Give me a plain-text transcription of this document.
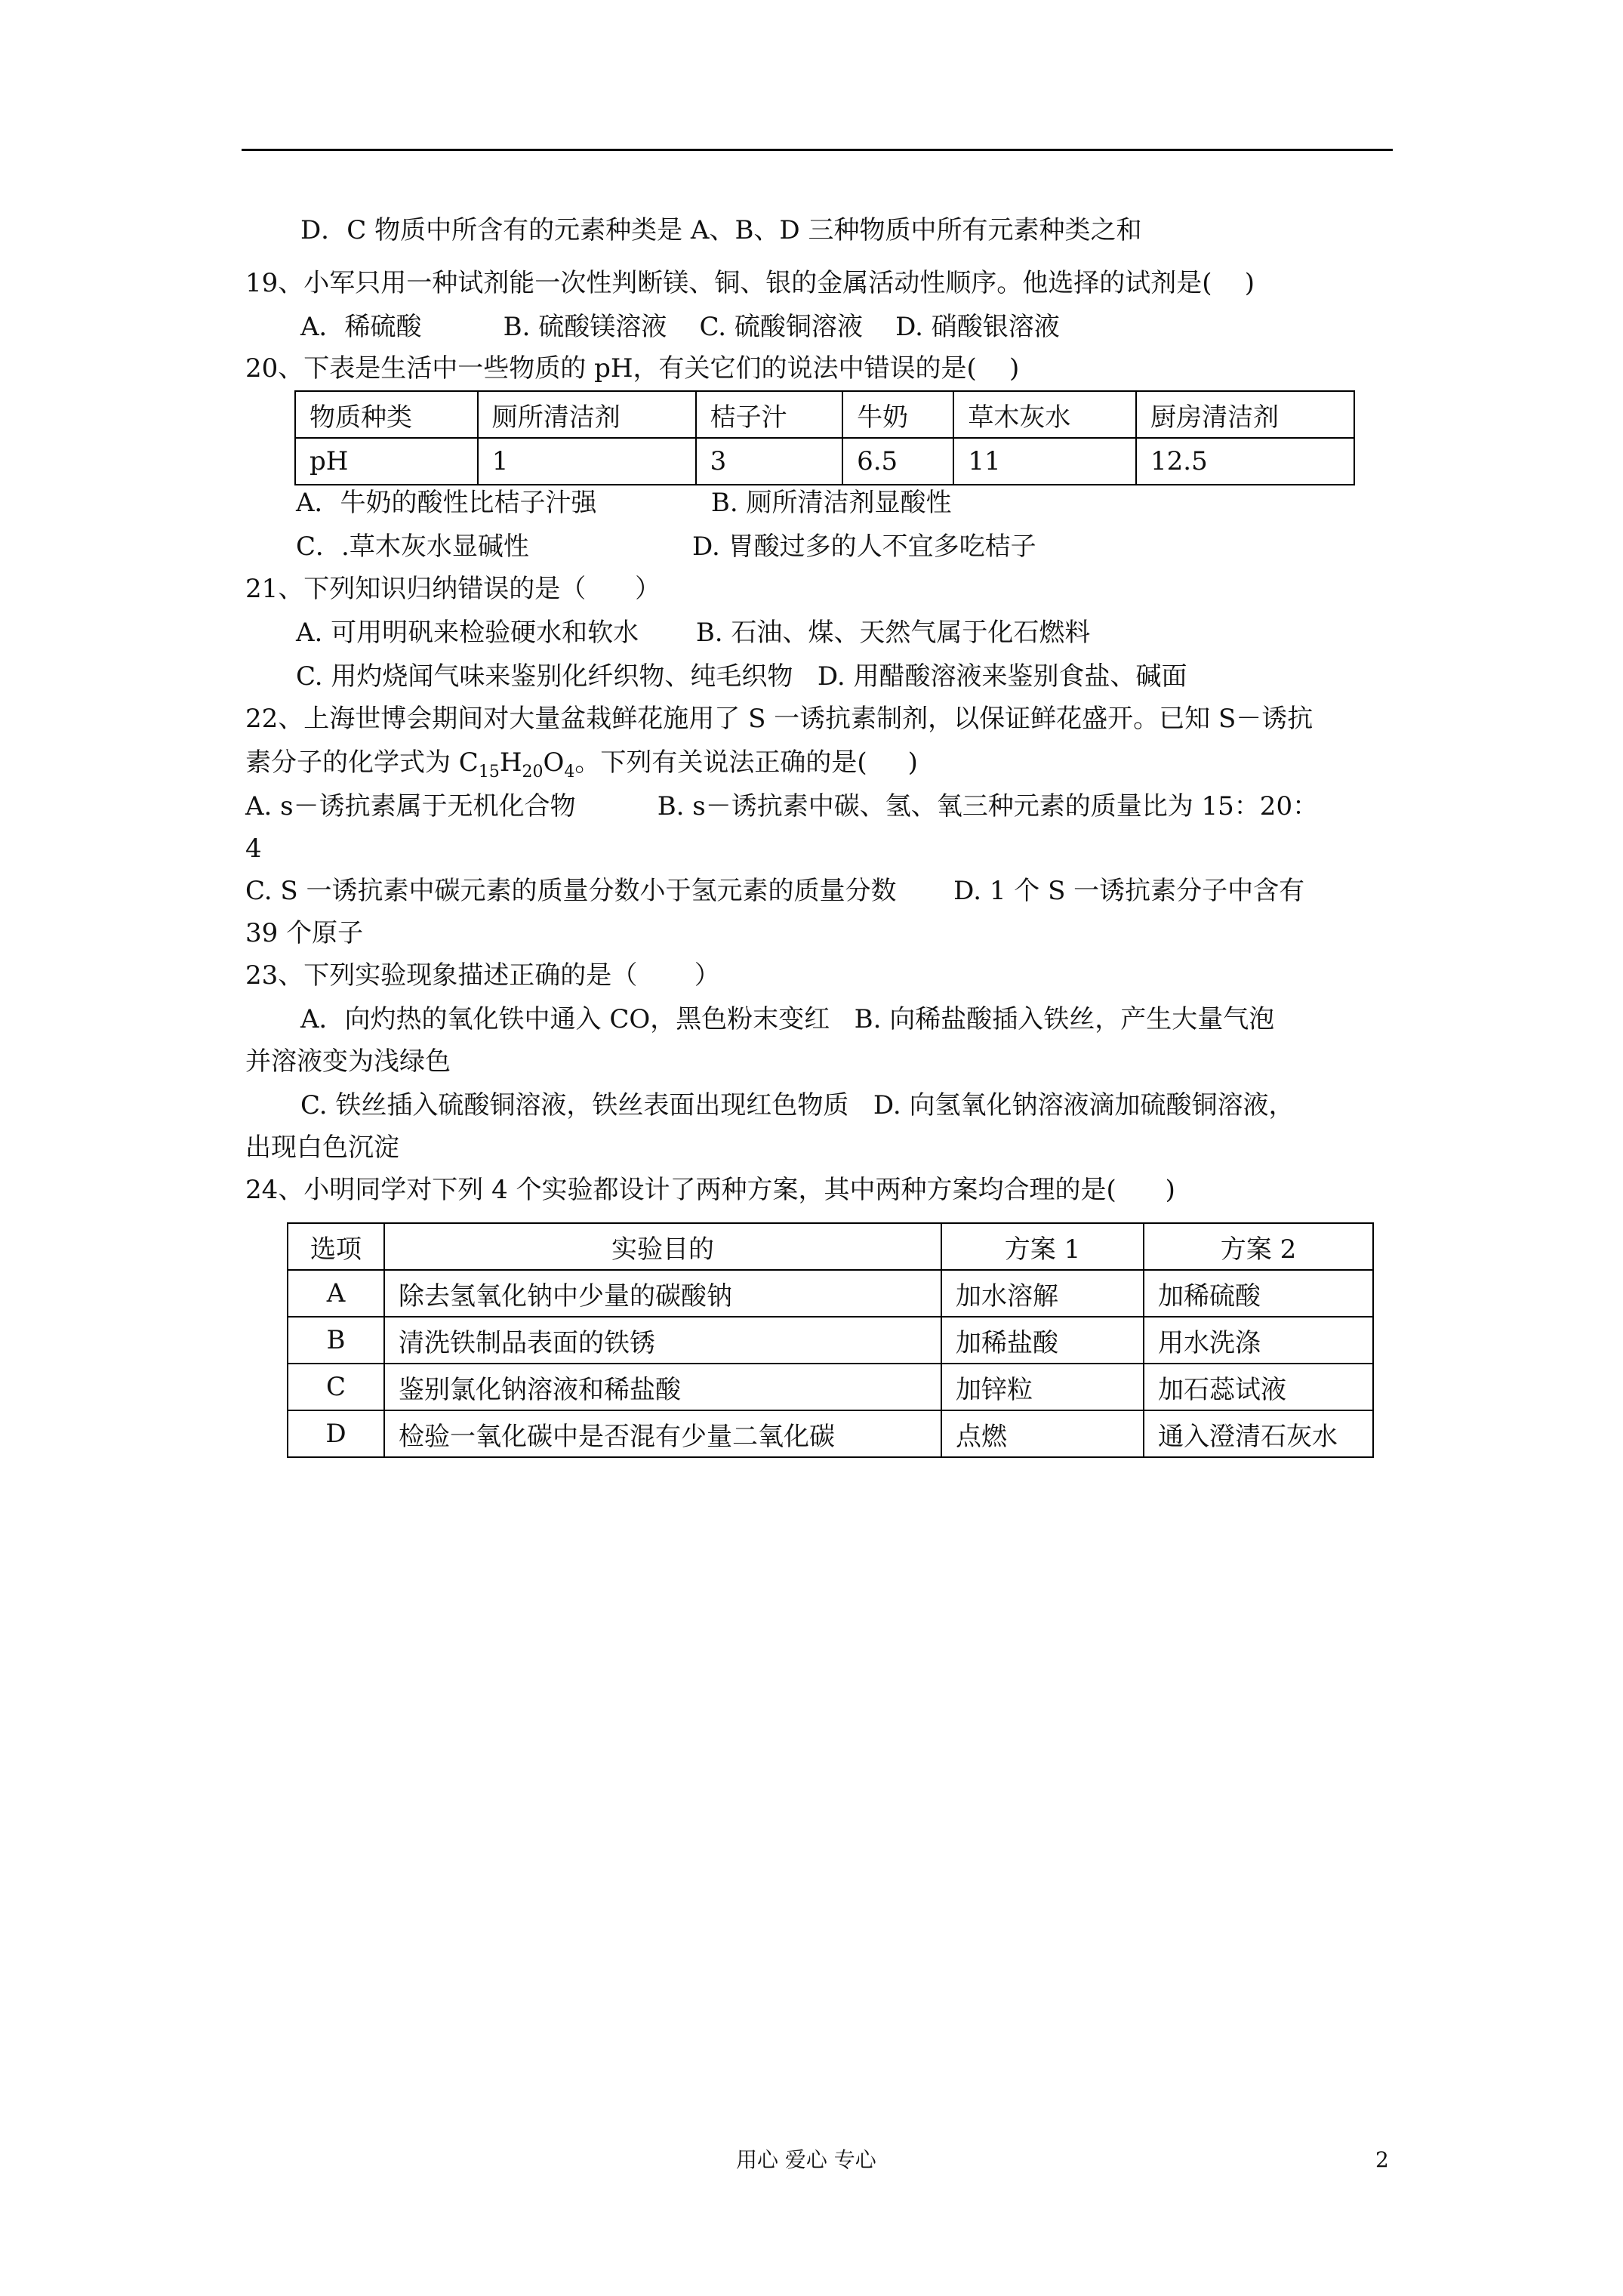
D．C 物质中所含有的元素种类是 A、B、D 三种物质中所有元素种类之和
19、小军只用一种试剂能一次性判断镁、铜、银的金属活动性顺序。他选择的试剂是(    )
A．稀硫酸          B. 硫酸镁溶液    C. 硫酸铜溶液    D. 硝酸银溶液
20、下表是生活中一些物质的 pH，有关它们的说法中错误的是(    )
物质种类	厕所清洁剂	桔子汁	牛奶	草木灰水	厨房清洁剂
pH	1	3	6.5	11	12.5
A．牛奶的酸性比桔子汁强              B. 厕所清洁剂显酸性
C．.草木灰水显碱性                    D. 胃酸过多的人不宜多吃桔子
21、下列知识归纳错误的是（      ）
A. 可用明矾来检验硬水和软水       B. 石油、煤、天然气属于化石燃料
C. 用灼烧闻气味来鉴别化纤织物、纯毛织物   D. 用醋酸溶液来鉴别食盐、碱面
22、上海世博会期间对大量盆栽鲜花施用了 S 一诱抗素制剂，以保证鲜花盛开。已知 S－诱抗
素分子的化学式为 $C_{15}H_{20}O_4$。下列有关说法正确的是(     )
A. s－诱抗素属于无机化合物          B. s－诱抗素中碳、氢、氧三种元素的质量比为 15：20：
4
C. S 一诱抗素中碳元素的质量分数小于氢元素的质量分数       D. 1 个 S 一诱抗素分子中含有
39 个原子
23、下列实验现象描述正确的是（       ）
A．向灼热的氧化铁中通入 CO，黑色粉末变红   B. 向稀盐酸插入铁丝，产生大量气泡
并溶液变为浅绿色
C. 铁丝插入硫酸铜溶液，铁丝表面出现红色物质   D. 向氢氧化钠溶液滴加硫酸铜溶液，
出现白色沉淀
24、小明同学对下列 4 个实验都设计了两种方案，其中两种方案均合理的是(      )
选项	实验目的	方案 1	方案 2
A	除去氢氧化钠中少量的碳酸钠	加水溶解	加稀硫酸
B	清洗铁制品表面的铁锈	加稀盐酸	用水洗涤
C	鉴别氯化钠溶液和稀盐酸	加锌粒	加石蕊试液
D	检验一氧化碳中是否混有少量二氧化碳	点燃	通入澄清石灰水
用心 爱心 专心	2
